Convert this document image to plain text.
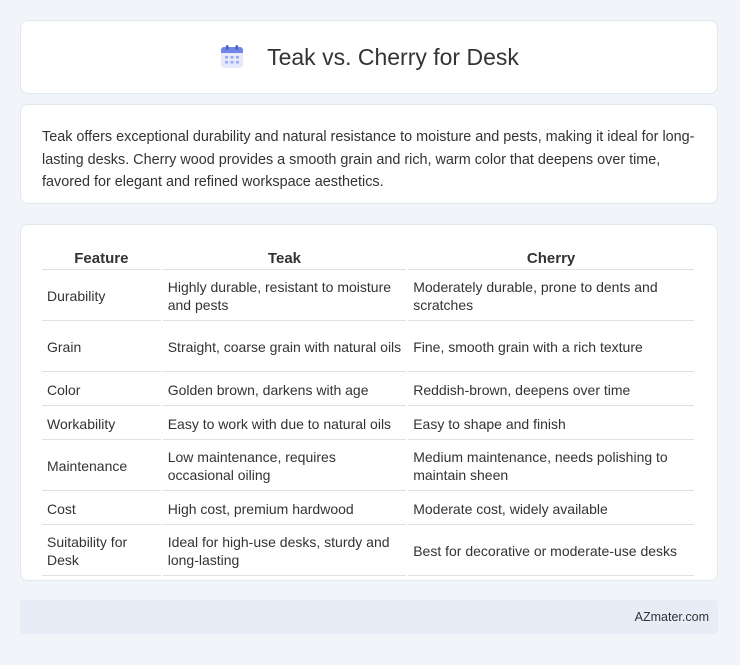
Teak vs. Cherry for Desk

Teak offers exceptional durability and natural resistance to moisture and pests, making it ideal for long-lasting desks. Cherry wood provides a smooth grain and rich, warm color that deepens over time, favored for elegant and refined workspace aesthetics.

Feature	Teak	Cherry
Durability	Highly durable, resistant to moisture and pests	Moderately durable, prone to dents and scratches
Grain	Straight, coarse grain with natural oils	Fine, smooth grain with a rich texture
Color	Golden brown, darkens with age	Reddish-brown, deepens over time
Workability	Easy to work with due to natural oils	Easy to shape and finish
Maintenance	Low maintenance, requires occasional oiling	Medium maintenance, needs polishing to maintain sheen
Cost	High cost, premium hardwood	Moderate cost, widely available
Suitability for Desk	Ideal for high-use desks, sturdy and long-lasting	Best for decorative or moderate-use desks
AZmater.com
